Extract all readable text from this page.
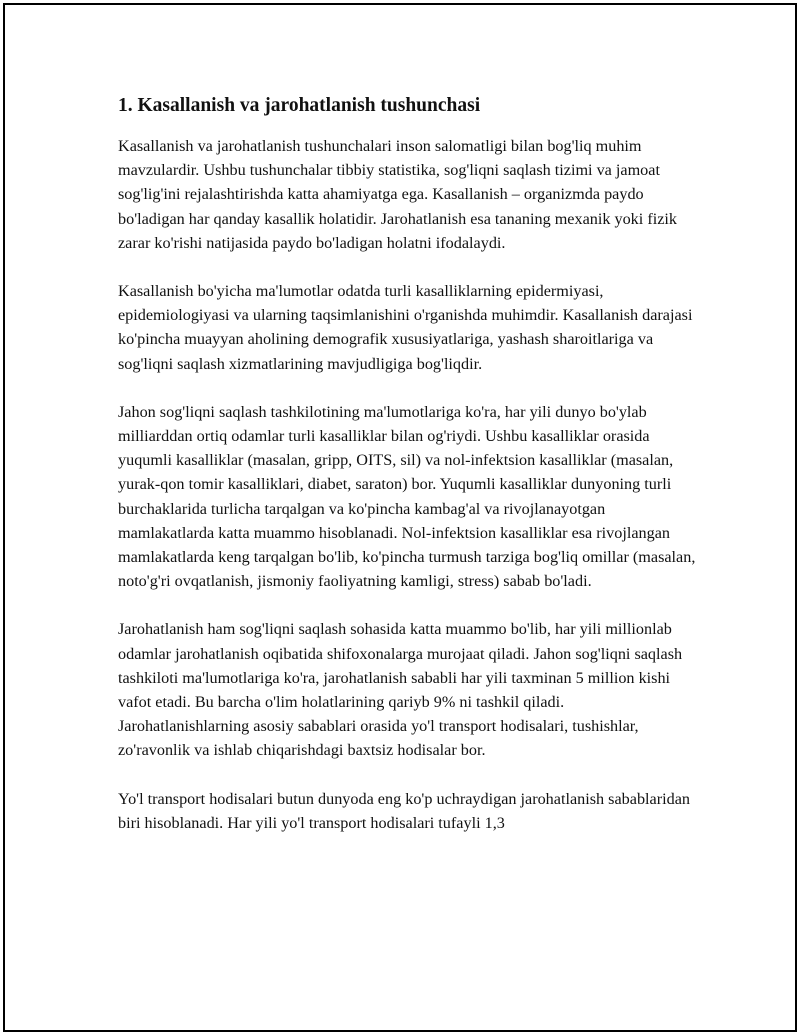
1. Kasallanish va jarohatlanish tushunchasi

Kasallanish va jarohatlanish tushunchalari inson salomatligi bilan bog'liq muhim mavzulardir. Ushbu tushunchalar tibbiy statistika, sog'liqni saqlash tizimi va jamoat sog'lig'ini rejalashtirishda katta ahamiyatga ega. Kasallanish – organizmda paydo bo'ladigan har qanday kasallik holatidir. Jarohatlanish esa tananing mexanik yoki fizik zarar ko'rishi natijasida paydo bo'ladigan holatni ifodalaydi.

Kasallanish bo'yicha ma'lumotlar odatda turli kasalliklarning epidermiyasi, epidemiologiyasi va ularning taqsimlanishini o'rganishda muhimdir. Kasallanish darajasi ko'pincha muayyan aholining demografik xususiyatlariga, yashash sharoitlariga va sog'liqni saqlash xizmatlarining mavjudligiga bog'liqdir.

Jahon sog'liqni saqlash tashkilotining ma'lumotlariga ko'ra, har yili dunyo bo'ylab milliarddan ortiq odamlar turli kasalliklar bilan og'riydi. Ushbu kasalliklar orasida yuqumli kasalliklar (masalan, gripp, OITS, sil) va nol-infektsion kasalliklar (masalan, yurak-qon tomir kasalliklari, diabet, saraton) bor. Yuqumli kasalliklar dunyoning turli burchaklarida turlicha tarqalgan va ko'pincha kambag'al va rivojlanayotgan mamlakatlarda katta muammo hisoblanadi. Nol-infektsion kasalliklar esa rivojlangan mamlakatlarda keng tarqalgan bo'lib, ko'pincha turmush tarziga bog'liq omillar (masalan, noto'g'ri ovqatlanish, jismoniy faoliyatning kamligi, stress) sabab bo'ladi.

Jarohatlanish ham sog'liqni saqlash sohasida katta muammo bo'lib, har yili millionlab odamlar jarohatlanish oqibatida shifoxonalarga murojaat qiladi. Jahon sog'liqni saqlash tashkiloti ma'lumotlariga ko'ra, jarohatlanish sababli har yili taxminan 5 million kishi vafot etadi. Bu barcha o'lim holatlarining qariyb 9% ni tashkil qiladi. Jarohatlanishlarning asosiy sabablari orasida yo'l transport hodisalari, tushishlar, zo'ravonlik va ishlab chiqarishdagi baxtsiz hodisalar bor.

Yo'l transport hodisalari butun dunyoda eng ko'p uchraydigan jarohatlanish sabablaridan biri hisoblanadi. Har yili yo'l transport hodisalari tufayli 1,3
